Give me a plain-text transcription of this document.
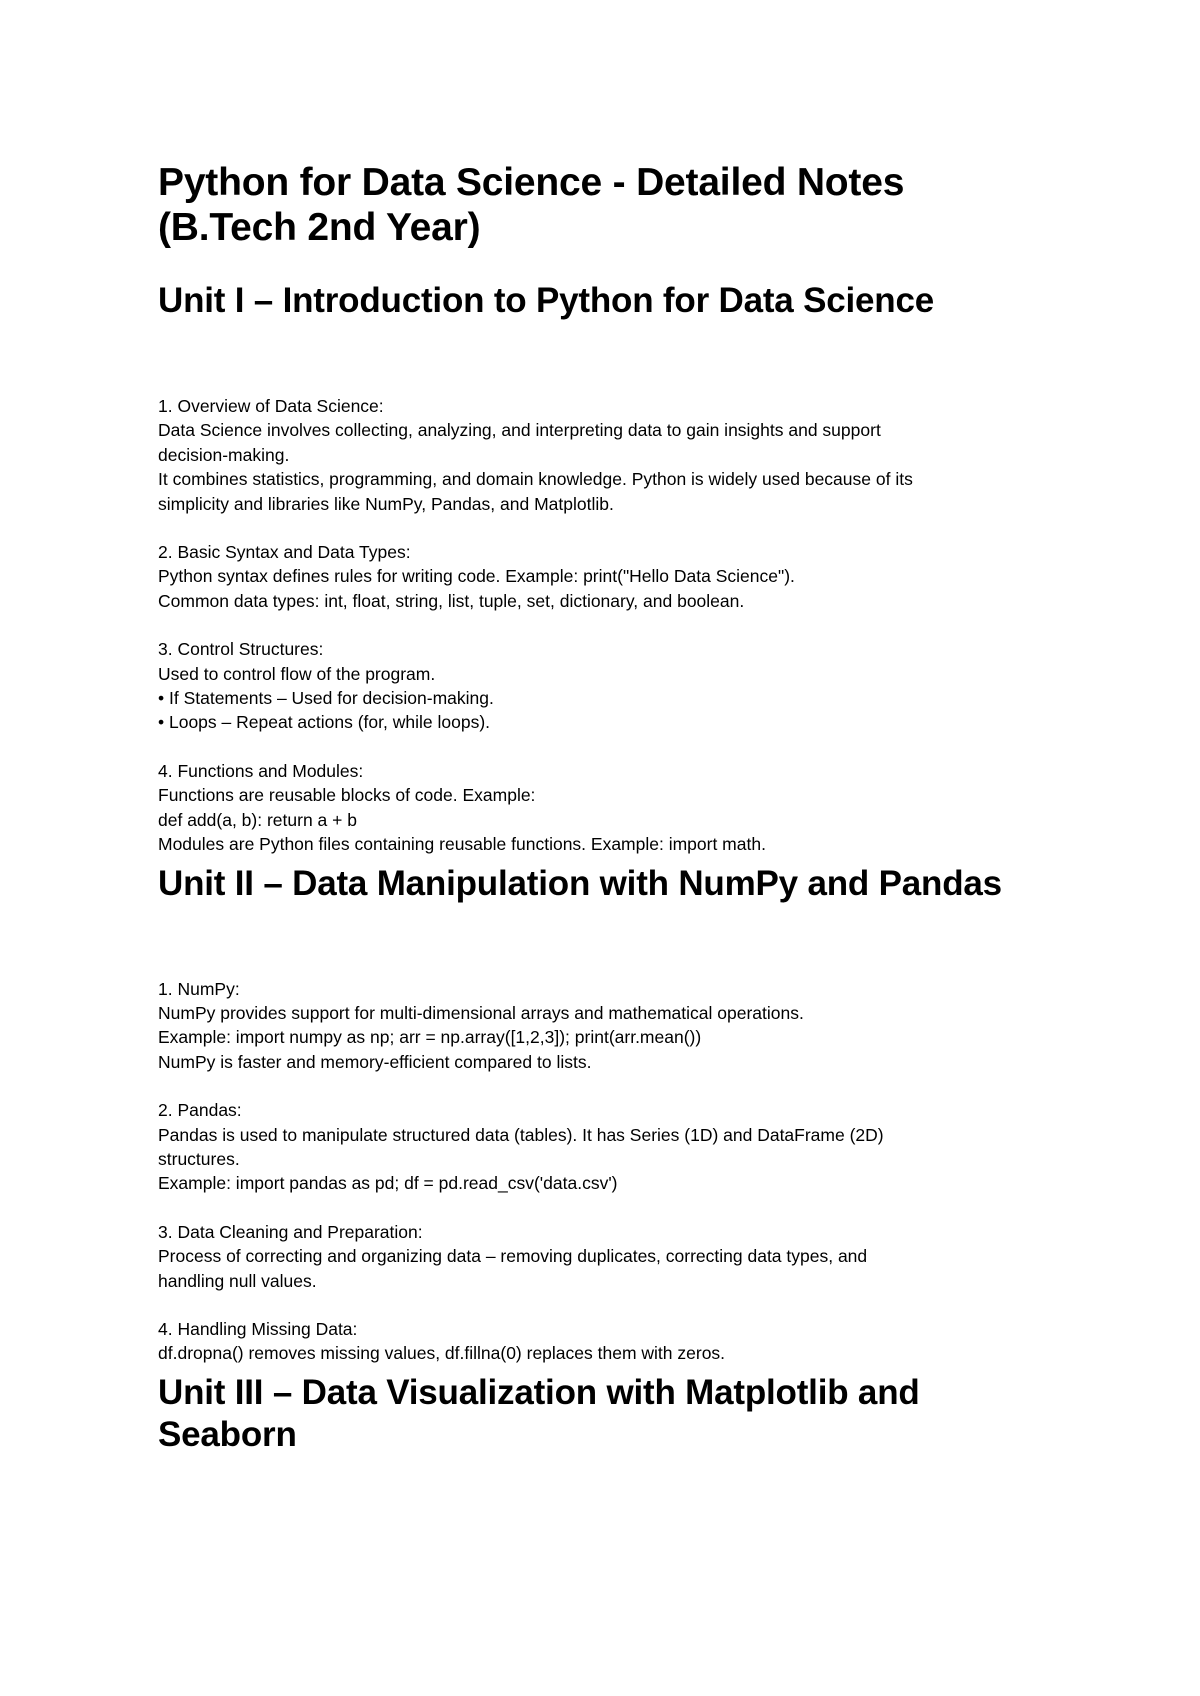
Python for Data Science - Detailed Notes
(B.Tech 2nd Year)
Unit I – Introduction to Python for Data Science

1. Overview of Data Science:

Data Science involves collecting, analyzing, and interpreting data to gain insights and support

decision-making.

It combines statistics, programming, and domain knowledge. Python is widely used because of its

simplicity and libraries like NumPy, Pandas, and Matplotlib.

2. Basic Syntax and Data Types:

Python syntax defines rules for writing code. Example: print("Hello Data Science").

Common data types: int, float, string, list, tuple, set, dictionary, and boolean.

3. Control Structures:

Used to control flow of the program.

• If Statements – Used for decision-making.

• Loops – Repeat actions (for, while loops).

4. Functions and Modules:

Functions are reusable blocks of code. Example:

def add(a, b): return a + b

Modules are Python files containing reusable functions. Example: import math.

Unit II – Data Manipulation with NumPy and Pandas

1. NumPy:

NumPy provides support for multi-dimensional arrays and mathematical operations.

Example: import numpy as np; arr = np.array([1,2,3]); print(arr.mean())

NumPy is faster and memory-efficient compared to lists.

2. Pandas:

Pandas is used to manipulate structured data (tables). It has Series (1D) and DataFrame (2D)

structures.

Example: import pandas as pd; df = pd.read_csv('data.csv')

3. Data Cleaning and Preparation:

Process of correcting and organizing data – removing duplicates, correcting data types, and

handling null values.

4. Handling Missing Data:

df.dropna() removes missing values, df.fillna(0) replaces them with zeros.

Unit III – Data Visualization with Matplotlib and
Seaborn
